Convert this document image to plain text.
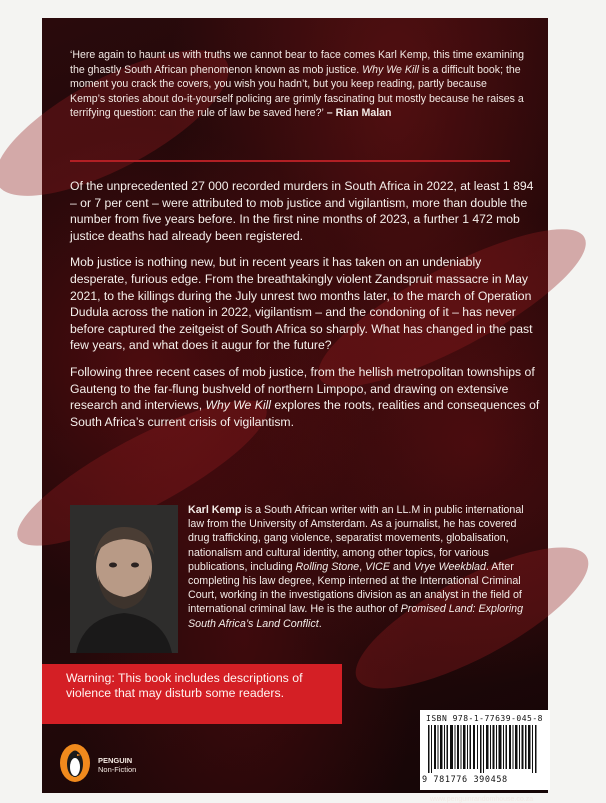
‘Here again to haunt us with truths we cannot bear to face comes Karl Kemp, this time examining the ghastly South African phenomenon known as mob justice. Why We Kill is a difficult book; the moment you crack the covers, you wish you hadn’t, but you keep reading, partly because Kemp’s stories about do-it-yourself policing are grimly fascinating but mostly because he raises a terrifying question: can the rule of law be saved here?’ – Rian Malan

Of the unprecedented 27 000 recorded murders in South Africa in 2022, at least 1 894 – or 7 per cent – were attributed to mob justice and vigilantism, more than double the number from five years before. In the first nine months of 2023, a further 1 472 mob justice deaths had already been registered.

Mob justice is nothing new, but in recent years it has taken on an undeniably desperate, furious edge. From the breathtakingly violent Zandspruit massacre in May 2021, to the killings during the July unrest two months later, to the march of Operation Dudula across the nation in 2022, vigilantism – and the condoning of it – has never before captured the zeitgeist of South Africa so sharply. What has changed in the past few years, and what does it augur for the future?

Following three recent cases of mob justice, from the hellish metropolitan townships of Gauteng to the far-flung bushveld of northern Limpopo, and drawing on extensive research and interviews, Why We Kill explores the roots, realities and consequences of South Africa’s current crisis of vigilantism.

Karl Kemp is a South African writer with an LL.M in public international law from the University of Amsterdam. As a journalist, he has covered drug trafficking, gang violence, separatist movements, globalisation, nationalism and cultural identity, among other topics, for various publications, including Rolling Stone, VICE and Vrye Weekblad. After completing his law degree, Kemp interned at the International Criminal Court, working in the investigations division as an analyst in the field of international criminal law. He is the author of Promised Land: Exploring South Africa’s Land Conflict.
Warning: This book includes descriptions of violence that may disturb some readers.
PENGUIN
Non-Fiction
ISBN 978-1-77639-045-8
9 781776 390458
www.penguinrandomhouse.co.za
